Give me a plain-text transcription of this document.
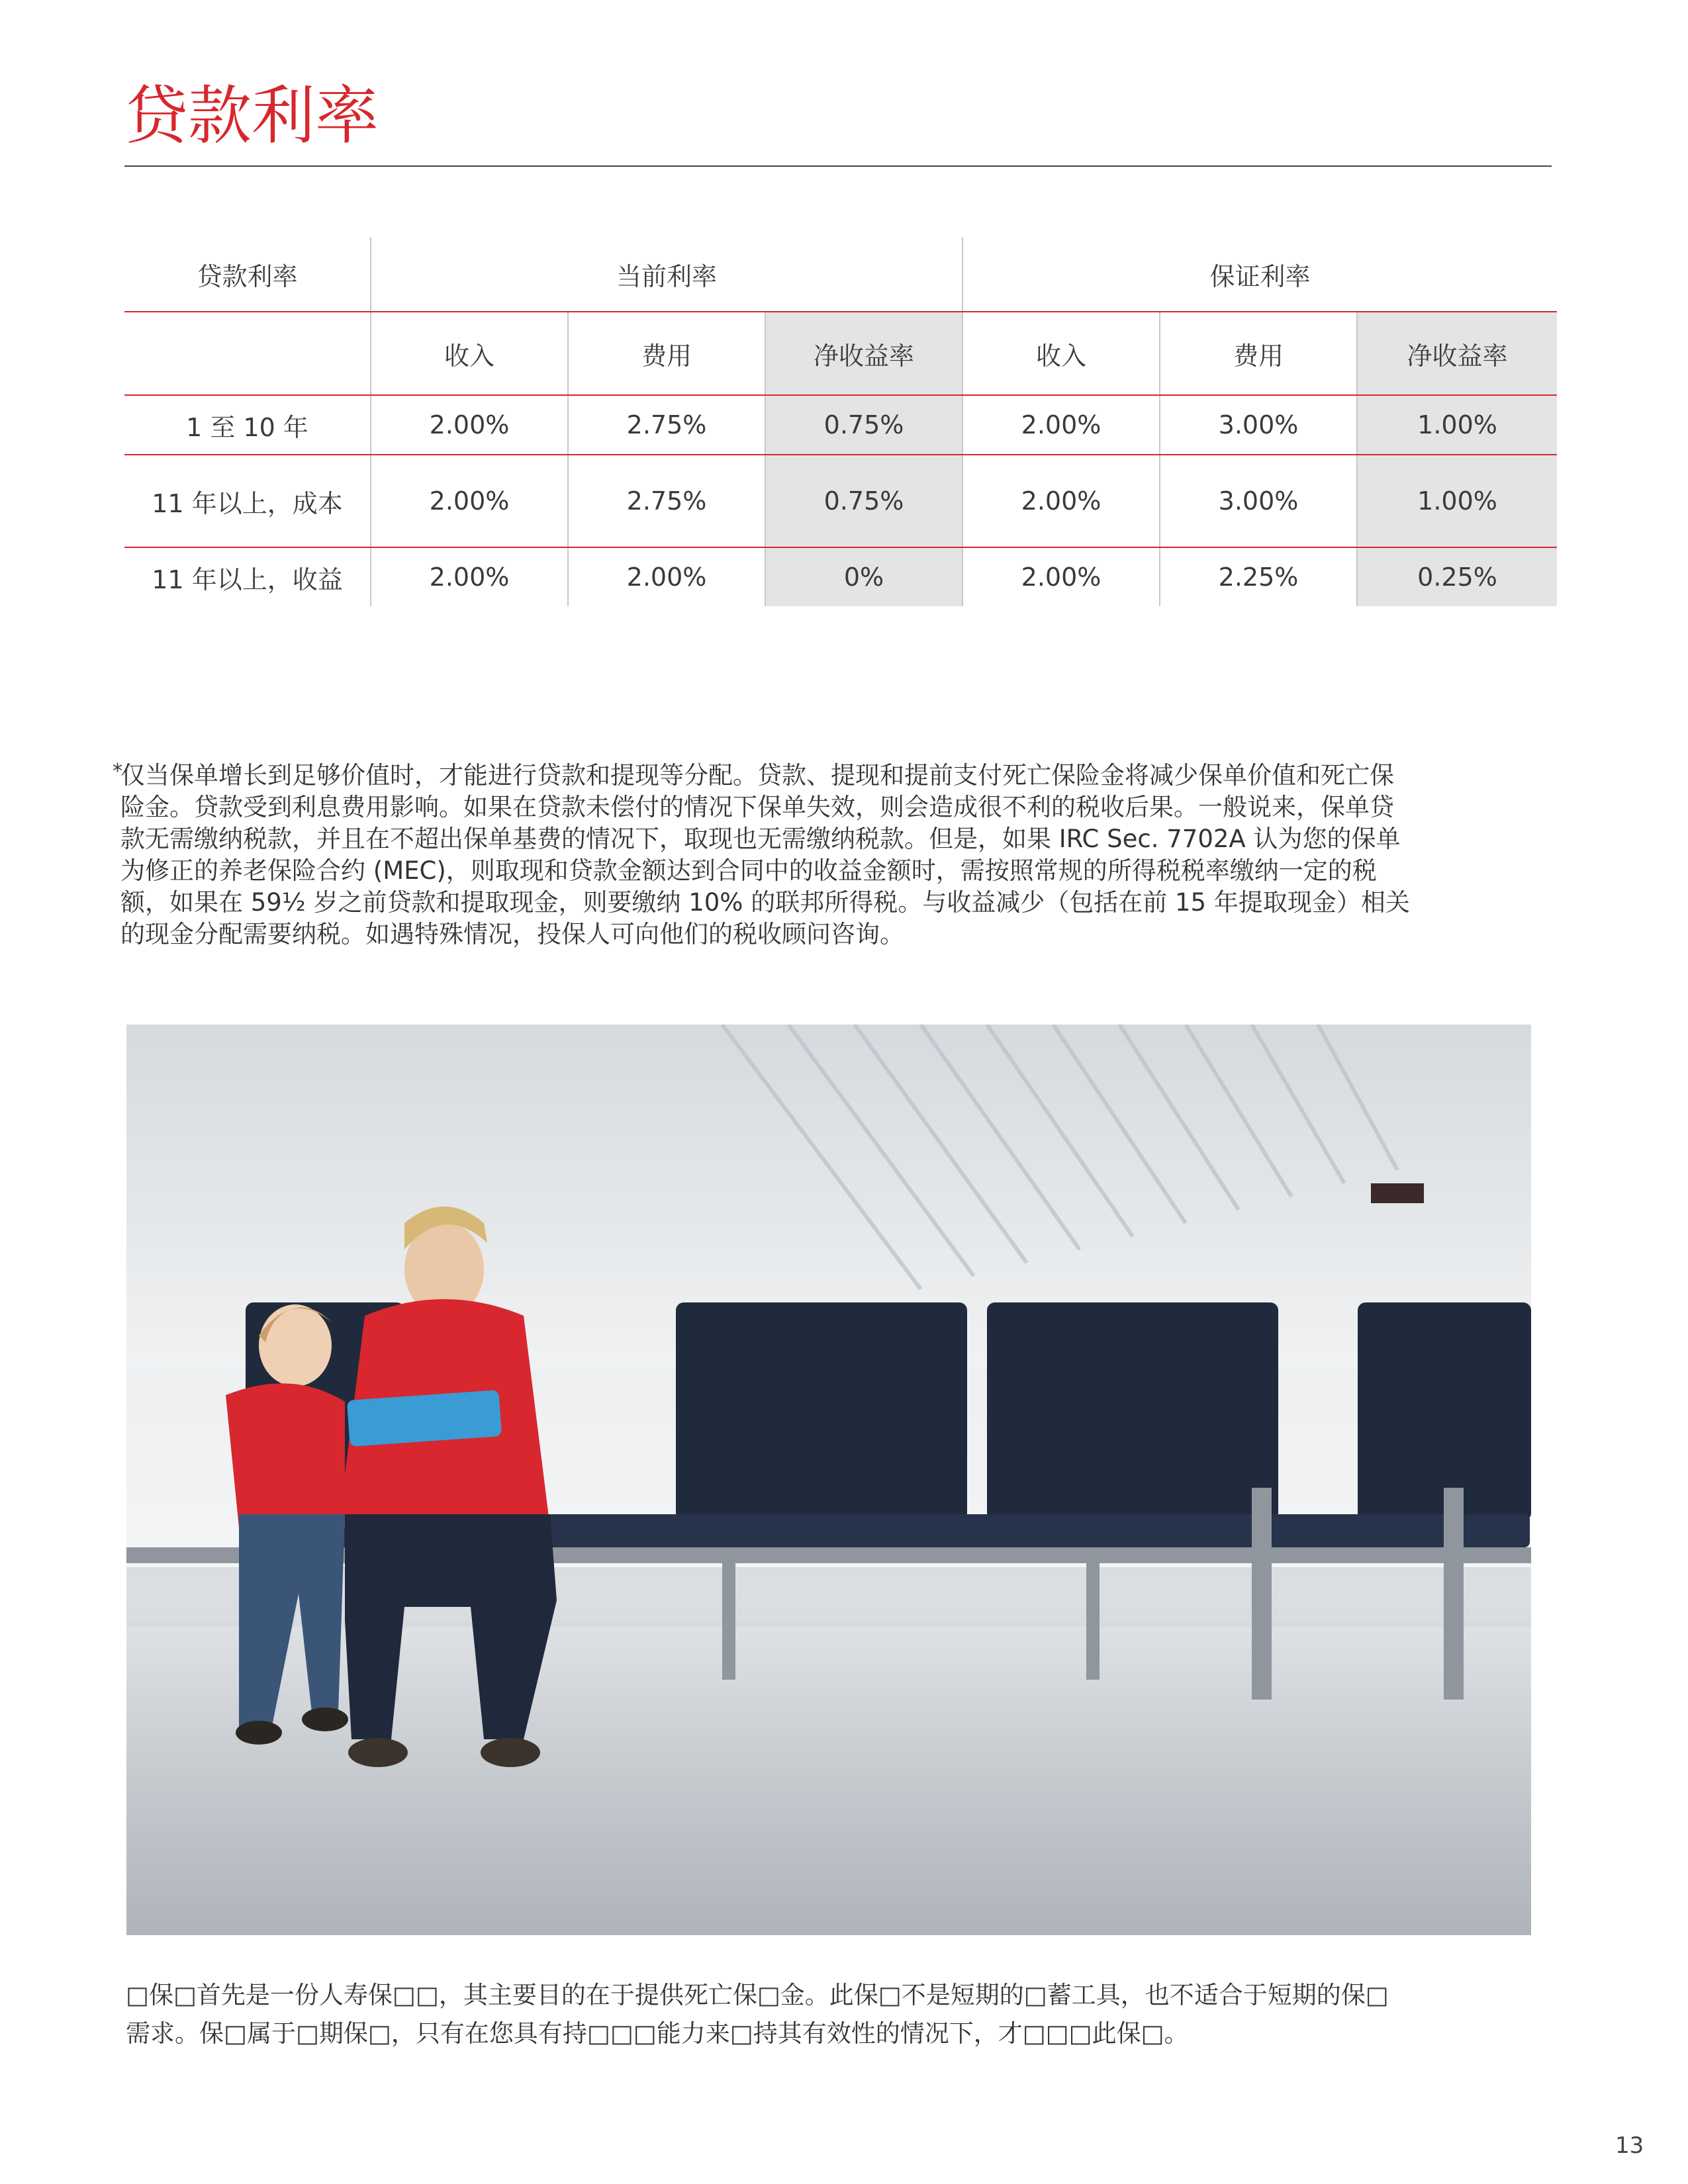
贷款利率
贷款利率	当前利率			保证利率		
	收入	费用	净收益率	收入	费用	净收益率
1 至 10 年	2.00%	2.75%	0.75%	2.00%	3.00%	1.00%
11 年以上，成本	2.00%	2.75%	0.75%	2.00%	3.00%	1.00%
11 年以上，收益	2.00%	2.00%	0%	2.00%	2.25%	0.25%
*

仅当保单增长到足够价值时，才能进行贷款和提现等分配。贷款、提现和提前支付死亡保险金将减少保单价值和死亡保
险金。贷款受到利息费用影响。如果在贷款未偿付的情况下保单失效，则会造成很不利的税收后果。一般说来，保单贷
款无需缴纳税款，并且在不超出保单基费的情况下，取现也无需缴纳税款。但是，如果 IRC Sec. 7702A 认为您的保单
为修正的养老保险合约 (MEC)，则取现和贷款金额达到合同中的收益金额时，需按照常规的所得税税率缴纳一定的税
额，如果在 59½ 岁之前贷款和提取现金，则要缴纳 10% 的联邦所得税。与收益减少（包括在前 15 年提取现金）相关
的现金分配需要纳税。如遇特殊情况，投保人可向他们的税收顾问咨询。

□保□首先是一份人寿保□□，其主要目的在于提供死亡保□金。此保□不是短期的□蓄工具，也不适合于短期的保□
需求。保□属于□期保□，只有在您具有持□□□能力来□持其有效性的情况下，才□□□此保□。

13
